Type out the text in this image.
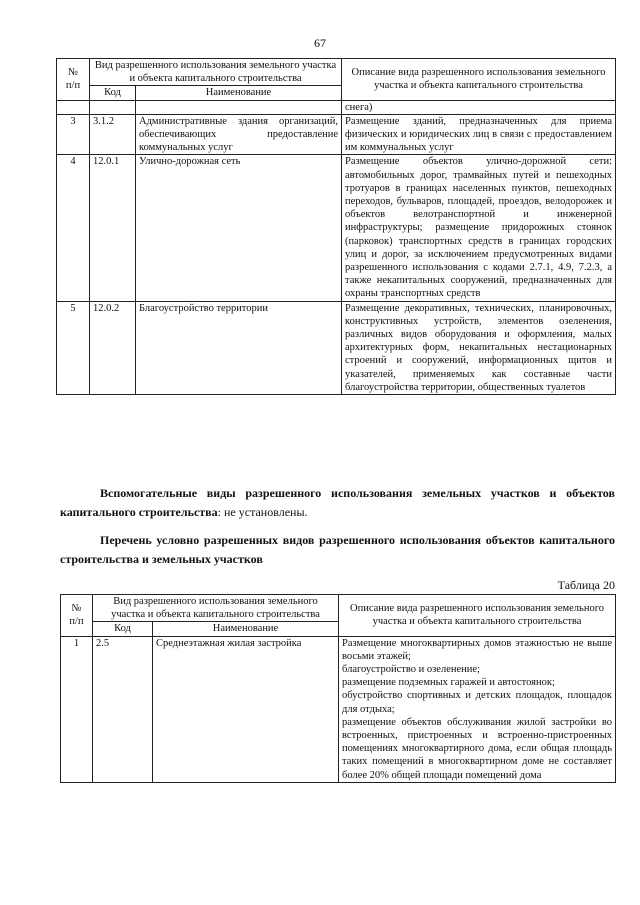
67
№
п/п	Вид разрешенного использования земельного участка и объекта капитального строительства		Описание вида разрешенного использования земельного участка и объекта капитального строительства
	Код	Наименование	
			снега)
3	3.1.2	Административные здания организаций, обеспечивающих предоставление коммунальных услуг	Размещение зданий, предназначенных для приема физических и юридических лиц в связи с предоставлением им коммунальных услуг
4	12.0.1	Улично-дорожная сеть	Размещение объектов улично-дорожной сети: автомобильных дорог, трамвайных путей и пешеходных тротуаров в границах населенных пунктов, пешеходных переходов, бульваров, площадей, проездов, велодорожек и объектов велотранспортной и инженерной инфраструктуры; размещение придорожных стоянок (парковок) транспортных средств в границах городских улиц и дорог, за исключением предусмотренных видами разрешенного использования с кодами 2.7.1, 4.9, 7.2.3, а также некапитальных сооружений, предназначенных для охраны транспортных средств
5	12.0.2	Благоустройство территории	Размещение декоративных, технических, планировочных, конструктивных устройств, элементов озеленения, различных видов оборудования и оформления, малых архитектурных форм, некапитальных нестационарных строений и сооружений, информационных щитов и указателей, применяемых как составные части благоустройства территории, общественных туалетов

Вспомогательные виды разрешенного использования земельных участков и объектов капитального строительства: не установлены.

Перечень условно разрешенных видов разрешенного использования объектов капитального строительства и земельных участков

Таблица 20
№
п/п	Вид разрешенного использования земельного участка и объекта капитального строительства		Описание вида разрешенного использования земельного участка и объекта капитального строительства
	Код	Наименование	
1	2.5	Среднеэтажная жилая застройка	Размещение многоквартирных домов этажностью не выше восьми этажей;
благоустройство и озеленение;
размещение подземных гаражей и автостоянок;
обустройство спортивных и детских площадок, площадок для отдыха;
размещение объектов обслуживания жилой застройки во встроенных, пристроенных и встроенно-пристроенных помещениях многоквартирного дома, если общая площадь таких помещений в многоквартирном доме не составляет более 20% общей площади помещений дома
